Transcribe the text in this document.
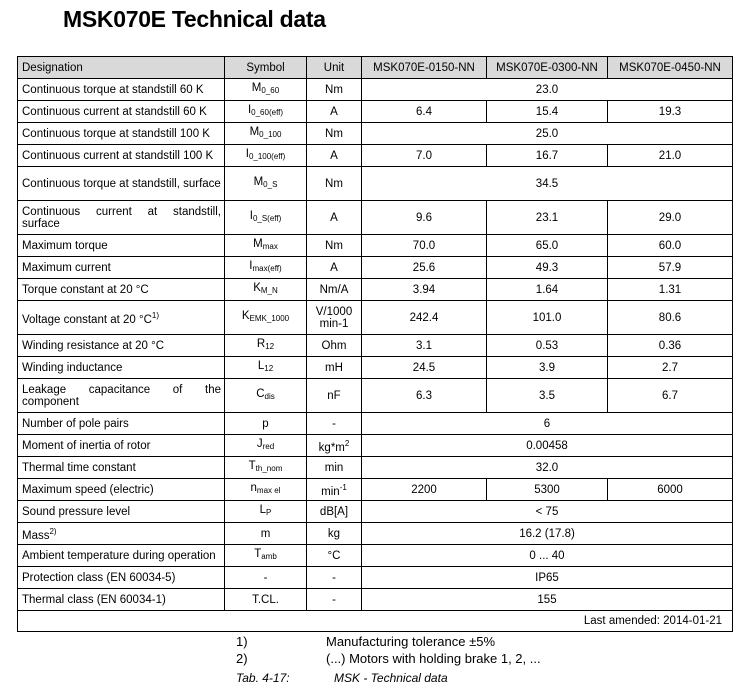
MSK070E Technical data
Designation	Symbol	Unit	MSK070E-0150-NN	MSK070E-0300-NN	MSK070E-0450-NN
Continuous torque at standstill 60 K	$M_{0\_60}$	Nm	23.0		
Continuous current at standstill 60 K	$I_{0\_60(eff)}$	A	6.4	15.4	19.3
Continuous torque at standstill 100 K	$M_{0\_100}$	Nm	25.0		
Continuous current at standstill 100 K	$I_{0\_100(eff)}$	A	7.0	16.7	21.0
Continuous torque at standstill, surface	$M_{0\_S}$	Nm	34.5		
Continuous current at standstill, surface	$I_{0\_S(eff)}$	A	9.6	23.1	29.0
Maximum torque	$M_{max}$	Nm	70.0	65.0	60.0
Maximum current	$I_{max(eff)}$	A	25.6	49.3	57.9
Torque constant at 20 °C	$K_{M\_N}$	Nm/A	3.94	1.64	1.31
Voltage constant at 20 $^\circ C^{1)}$	$K_{EMK\_1000}$	V/1000 min-1	242.4	101.0	80.6
Winding resistance at 20 °C	$R_{12}$	Ohm	3.1	0.53	0.36
Winding inductance	$L_{12}$	mH	24.5	3.9	2.7
Leakage capacitance of the component	$C_{dis}$	nF	6.3	3.5	6.7
Number of pole pairs	p	-	6		
Moment of inertia of rotor	$J_{red}$	$kg*m^2$	0.00458		
Thermal time constant	$T_{th\_nom}$	min	32.0		
Maximum speed (electric)	$n_{max el}$	$\min^{-1}$	2200	5300	6000
Sound pressure level	$L_P$	dB[A]	< 75		
Mass$^{2)}$	m	kg	16.2 (17.8)		
Ambient temperature during operation	$T_{amb}$	°C	0 ... 40		
Protection class (EN 60034-5)	-	-	IP65		
Thermal class (EN 60034-1)	T.CL.	-	155		
Last amended: 2014-01-21					
1)	Manufacturing tolerance ±5%
2)	(...) Motors with holding brake 1, 2, ...
Tab. 4-17:	MSK - Technical data
